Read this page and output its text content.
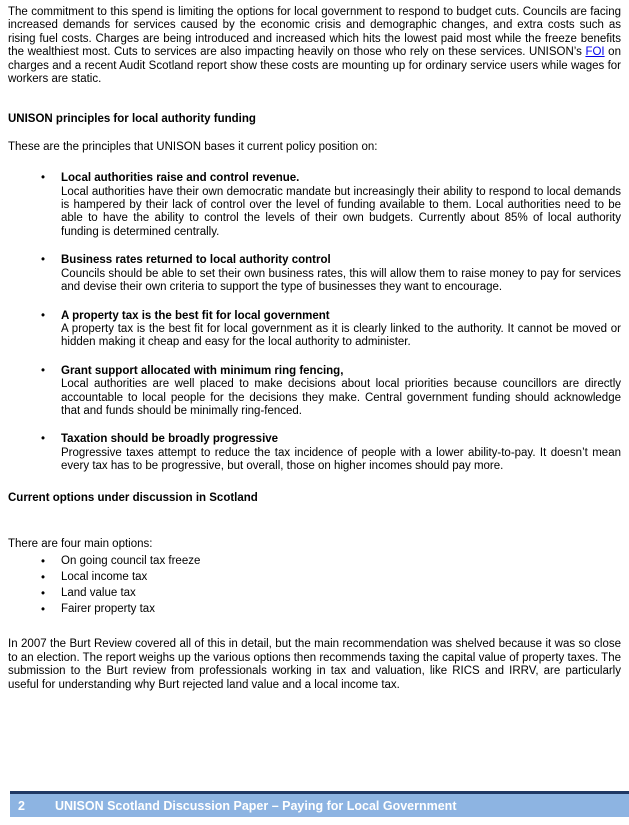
The commitment to this spend is limiting the options for local government to respond to budget cuts. Councils are facing increased demands for services caused by the economic crisis and demographic changes, and extra costs such as rising fuel costs. Charges are being introduced and increased which hits the lowest paid most while the freeze benefits the wealthiest most. Cuts to services are also impacting heavily on those who rely on these services. UNISON’s FOI on charges and a recent Audit Scotland report show these costs are mounting up for ordinary service users while wages for workers are static.

UNISON principles for local authority funding

These are the principles that UNISON bases it current policy position on:

• Local authorities raise and control revenue.
Local authorities have their own democratic mandate but increasingly their ability to respond to local demands is hampered by their lack of control over the level of funding available to them. Local authorities need to be able to have the ability to control the levels of their own budgets. Currently about 85% of local authority funding is determined centrally.
• Business rates returned to local authority control
Councils should be able to set their own business rates, this will allow them to raise money to pay for services and devise their own criteria to support the type of businesses they want to encourage.
• A property tax is the best fit for local government
A property tax is the best fit for local government as it is clearly linked to the authority. It cannot be moved or hidden making it cheap and easy for the local authority to administer.
• Grant support allocated with minimum ring fencing,
Local authorities are well placed to make decisions about local priorities because councillors are directly accountable to local people for the decisions they make. Central government funding should acknowledge that and funds should be minimally ring-fenced.
• Taxation should be broadly progressive
Progressive taxes attempt to reduce the tax incidence of people with a lower ability-to-pay. It doesn’t mean every tax has to be progressive, but overall, those on higher incomes should pay more.
Current options under discussion in Scotland

There are four main options:

• On going council tax freeze
• Local income tax
• Land value tax
• Fairer property tax

In 2007 the Burt Review covered all of this in detail, but the main recommendation was shelved because it was so close to an election. The report weighs up the various options then recommends taxing the capital value of property taxes. The submission to the Burt review from professionals working in tax and valuation, like RICS and IRRV, are particularly useful for understanding why Burt rejected land value and a local income tax.

2	UNISON Scotland Discussion Paper – Paying for Local Government
